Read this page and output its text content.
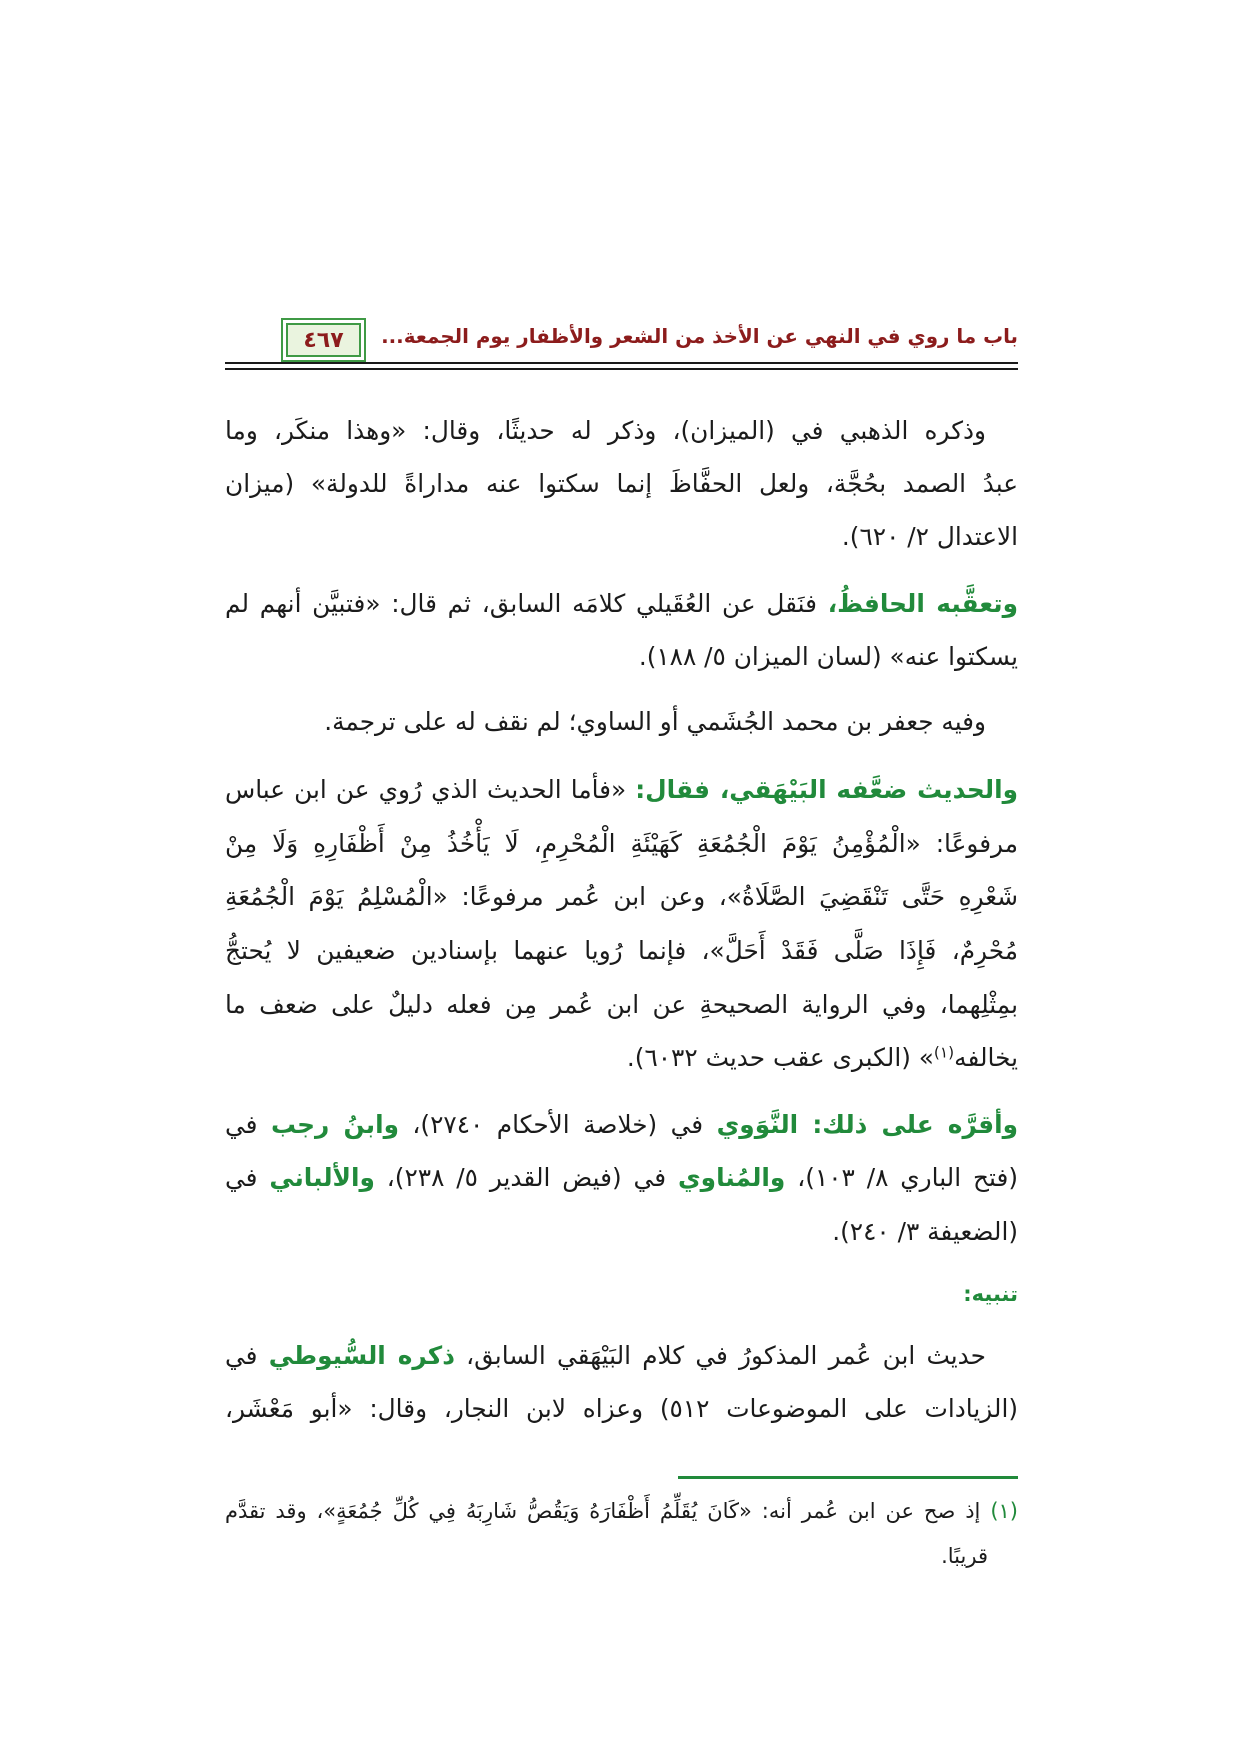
باب ما روي في النهي عن الأخذ من الشعر والأظفار يوم الجمعة...
٤٦٧
وذكره الذهبي في (الميزان)، وذكر له حديثًا، وقال: «وهذا منكَر، وما
عبدُ الصمد بحُجَّة، ولعل الحفَّاظَ إنما سكتوا عنه مداراةً للدولة» (ميزان
الاعتدال ٢/ ٦٢٠).
وتعقَّبه الحافظُ، فنَقل عن العُقَيلي كلامَه السابق، ثم قال: «فتبيَّن أنهم لم
يسكتوا عنه» (لسان الميزان ٥/ ١٨٨).
وفيه جعفر بن محمد الجُشَمي أو الساوي؛ لم نقف له على ترجمة.
والحديث ضعَّفه البَيْهَقي، فقال: «فأما الحديث الذي رُوي عن ابن عباس
مرفوعًا: «الْمُؤْمِنُ يَوْمَ الْجُمُعَةِ كَهَيْئَةِ الْمُحْرِمِ، لَا يَأْخُذُ مِنْ أَظْفَارِهِ وَلَا مِنْ
شَعْرِهِ حَتَّى تَنْقَضِيَ الصَّلَاةُ»، وعن ابن عُمر مرفوعًا: «الْمُسْلِمُ يَوْمَ الْجُمُعَةِ
مُحْرِمٌ، فَإِذَا صَلَّى فَقَدْ أَحَلَّ»، فإنما رُويا عنهما بإسنادين ضعيفين لا يُحتجُّ
بمِثْلِهما، وفي الرواية الصحيحةِ عن ابن عُمر مِن فعله دليلٌ على ضعف ما
يخالفه$^{(١)}$» (الكبرى عقب حديث ٦٠٣٢).
وأقرَّه على ذلك: النَّوَوي في (خلاصة الأحكام ٢٧٤٠)، وابنُ رجب في
(فتح الباري ٨/ ١٠٣)، والمُناوي في (فيض القدير ٥/ ٢٣٨)، والألباني في
(الضعيفة ٣/ ٢٤٠).
تنبيه:
حديث ابن عُمر المذكورُ في كلام البَيْهَقي السابق، ذكره السُّيوطي في
(الزيادات على الموضوعات ٥١٢) وعزاه لابن النجار، وقال: «أبو مَعْشَر،
(١) إذ صح عن ابن عُمر أنه: «كَانَ يُقَلِّمُ أَظْفَارَهُ وَيَقُصُّ شَارِبَهُ فِي كُلِّ جُمُعَةٍ»، وقد تقدَّم
قريبًا.
